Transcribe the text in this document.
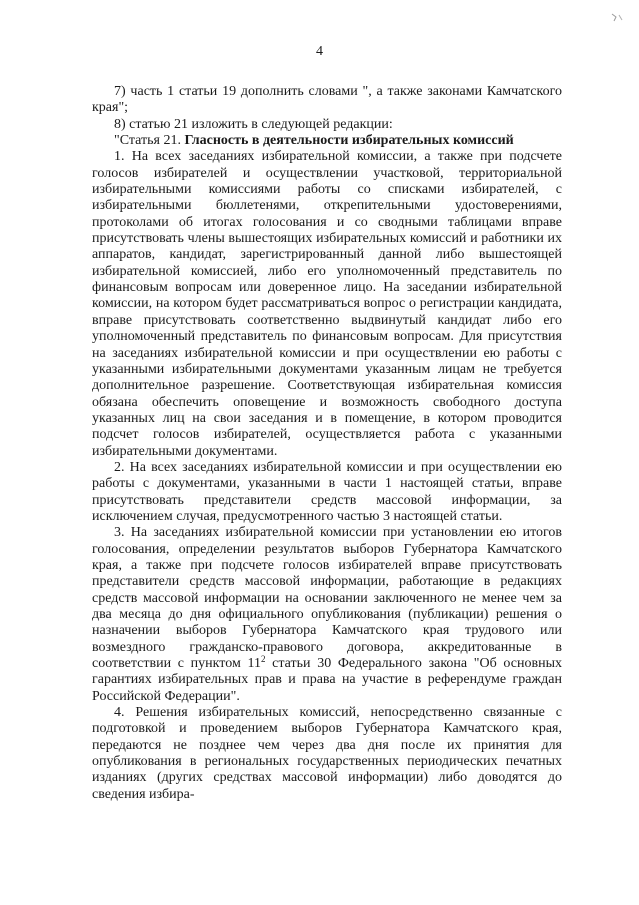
4

7) часть 1 статьи 19 дополнить словами ", а также законами Камчатского края";

8) статью 21 изложить в следующей редакции:

"Статья 21. Гласность в деятельности избирательных комиссий

1. На всех заседаниях избирательной комиссии, а также при подсчете голосов избирателей и осуществлении участковой, территориальной избирательными комиссиями работы со списками избирателей, с избирательными бюллетенями, открепительными удостоверениями, протоколами об итогах голосования и со сводными таблицами вправе присутствовать члены вышестоящих избирательных комиссий и работники их аппаратов, кандидат, зарегистрированный данной либо вышестоящей избирательной комиссией, либо его уполномоченный представитель по финансовым вопросам или доверенное лицо. На заседании избирательной комиссии, на котором будет рассматриваться вопрос о регистрации кандидата, вправе присутствовать соответственно выдвинутый кандидат либо его уполномоченный представитель по финансовым вопросам. Для присутствия на заседаниях избирательной комиссии и при осуществлении ею работы с указанными избирательными документами указанным лицам не требуется дополнительное разрешение. Соответствующая избирательная комиссия обязана обеспечить оповещение и возможность свободного доступа указанных лиц на свои заседания и в помещение, в котором проводится подсчет голосов избирателей, осуществляется работа с указанными избирательными документами.

2. На всех заседаниях избирательной комиссии и при осуществлении ею работы с документами, указанными в части 1 настоящей статьи, вправе присутствовать представители средств массовой информации, за исключением случая, предусмотренного частью 3 настоящей статьи.

3. На заседаниях избирательной комиссии при установлении ею итогов голосования, определении результатов выборов Губернатора Камчатского края, а также при подсчете голосов избирателей вправе присутствовать представители средств массовой информации, работающие в редакциях средств массовой информации на основании заключенного не менее чем за два месяца до дня официального опубликования (публикации) решения о назначении выборов Губернатора Камчатского края трудового или возмездного гражданско-правового договора, аккредитованные в соответствии с пунктом $11^2$ статьи 30 Федерального закона "Об основных гарантиях избирательных прав и права на участие в референдуме граждан Российской Федерации".

4. Решения избирательных комиссий, непосредственно связанные с подготовкой и проведением выборов Губернатора Камчатского края, передаются не позднее чем через два дня после их принятия для опубликования в региональных государственных периодических печатных изданиях (других средствах массовой информации) либо доводятся до сведения избира-
